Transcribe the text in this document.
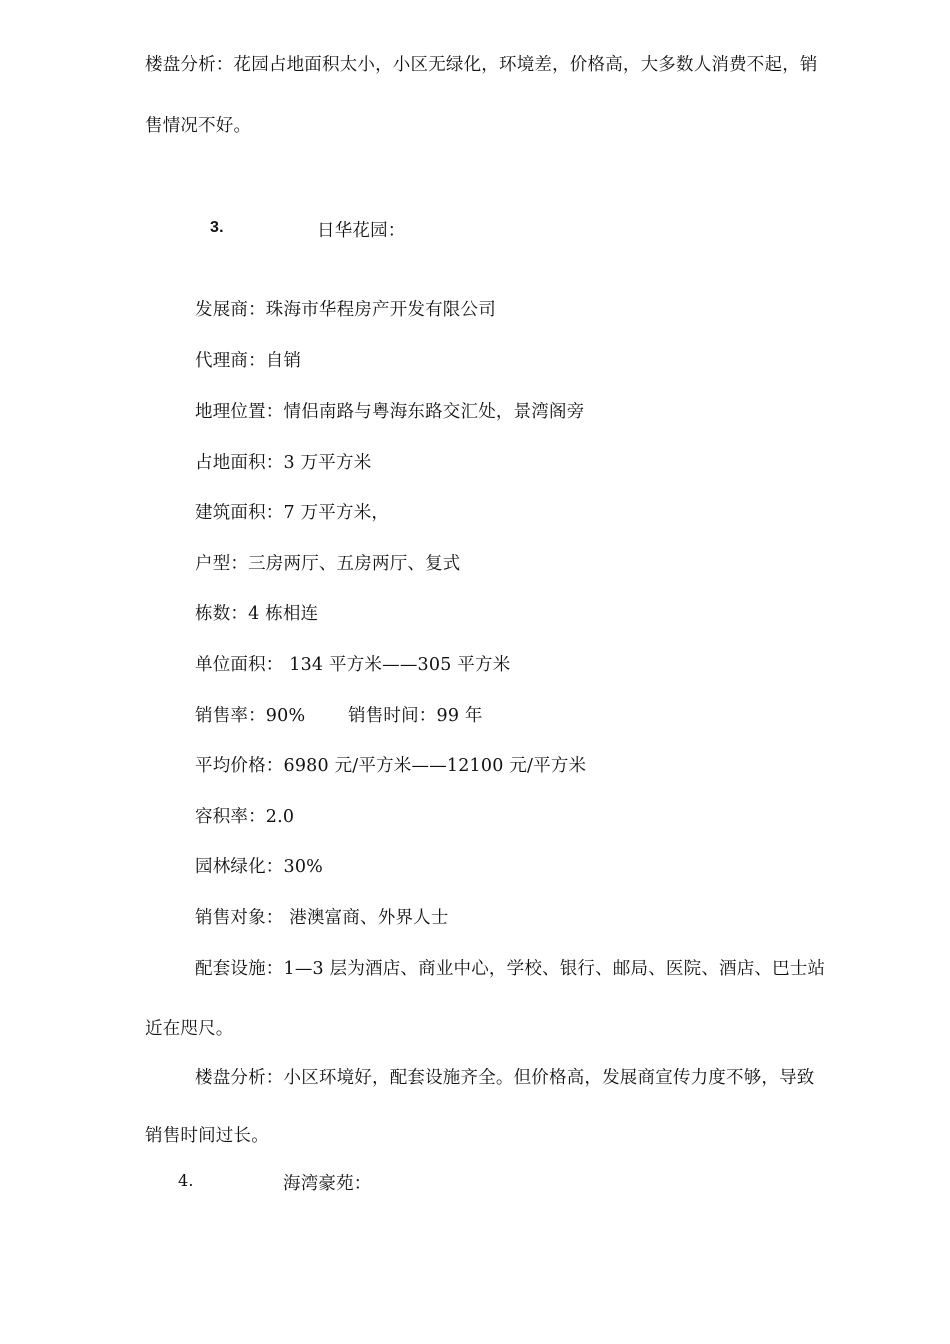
楼盘分析：花园占地面积太小，小区无绿化，环境差，价格高，大多数人消费不起，销
售情况不好。
3.	日华花园：
发展商：珠海市华程房产开发有限公司
代理商：自销
地理位置：情侣南路与粤海东路交汇处，景湾阁旁
占地面积：3 万平方米
建筑面积：7 万平方米，
户型：三房两厅、五房两厅、复式
栋数：4 栋相连
单位面积： 134 平方米——305 平方米
销售率：90% 销售时间：99 年
平均价格：6980 元/平方米——12100 元/平方米
容积率：2.0
园林绿化：30%
销售对象： 港澳富商、外界人士
配套设施：1—3 层为酒店、商业中心，学校、银行、邮局、医院、酒店、巴士站
近在咫尺。
楼盘分析：小区环境好，配套设施齐全。但价格高，发展商宣传力度不够，导致
销售时间过长。
4.	海湾豪苑：
